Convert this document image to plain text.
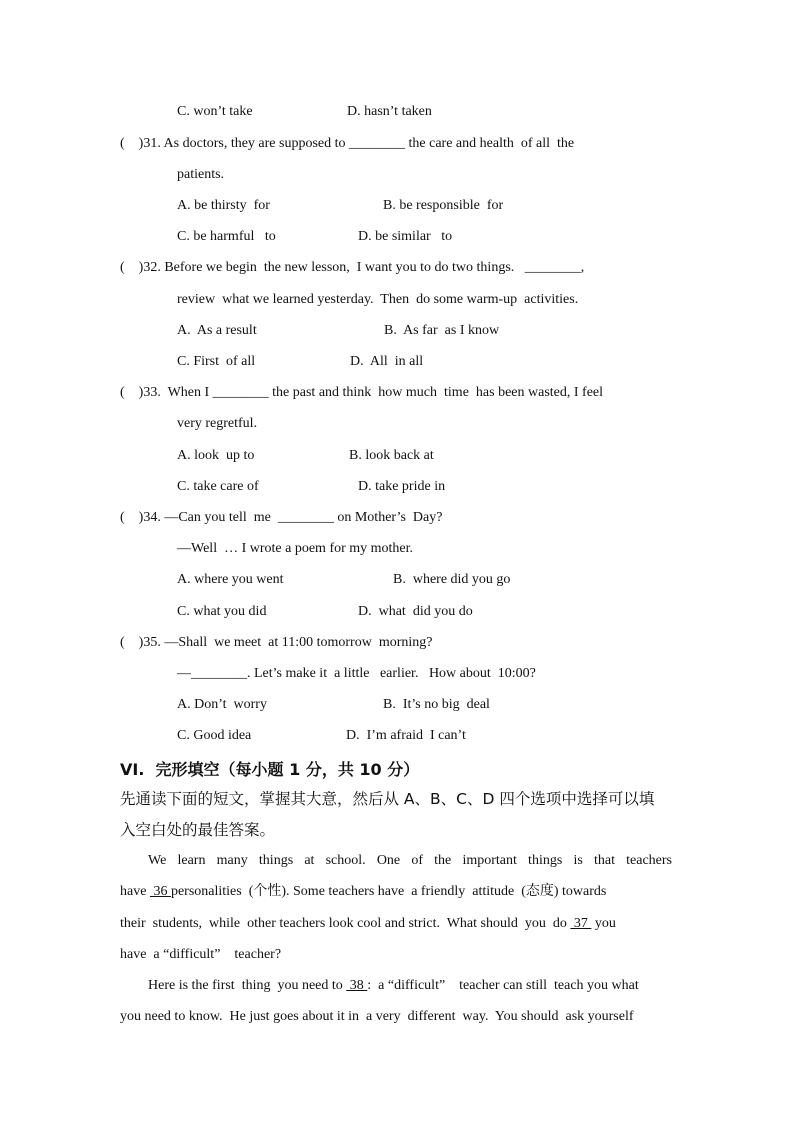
C. won’t take	D. hasn’t taken
(    )31. As doctors, they are supposed to ________ the care and health  of all  the
patients.
A. be thirsty  for	B. be responsible  for
C. be harmful   to	D. be similar   to
(    )32. Before we begin  the new lesson,  I want you to do two things.   ________,
review  what we learned yesterday.  Then  do some warm-up  activities.
A.  As a result	B.  As far  as I know
C. First  of all	D.  All  in all
(    )33.  When I ________ the past and think  how much  time  has been wasted, I feel
very regretful.
A. look  up to	B. look back at
C. take care of	D. take pride in
(    )34. —Can you tell  me  ________ on Mother’s  Day?
—Well  … I wrote a poem for my mother.
A. where you went	B.  where did you go
C. what you did	D.  what  did you do
(    )35. —Shall  we meet  at 11:00 tomorrow  morning?
—________. Let’s make it  a little   earlier.   How about  10:00?
A. Don’t  worry	B.  It’s no big  deal
C. Good idea	D.  I’m afraid  I can’t
VI.  完形填空（每小题 1 分，共 10 分）
先通读下面的短文，掌握其大意，然后从 A、B、C、D 四个选项中选择可以填
入空白处的最佳答案。
We learn many things at school. One of the important things is that teachers
have  36 personalities  (个性). Some teachers have  a friendly  attitude  (态度) towards
their  students,  while  other teachers look cool and strict.  What should  you  do  37  you
have  a “difficult”    teacher?
Here is the first  thing  you need to  38 :  a “difficult”    teacher can still  teach you what
you need to know.  He just goes about it in  a very  different  way.  You should  ask yourself
